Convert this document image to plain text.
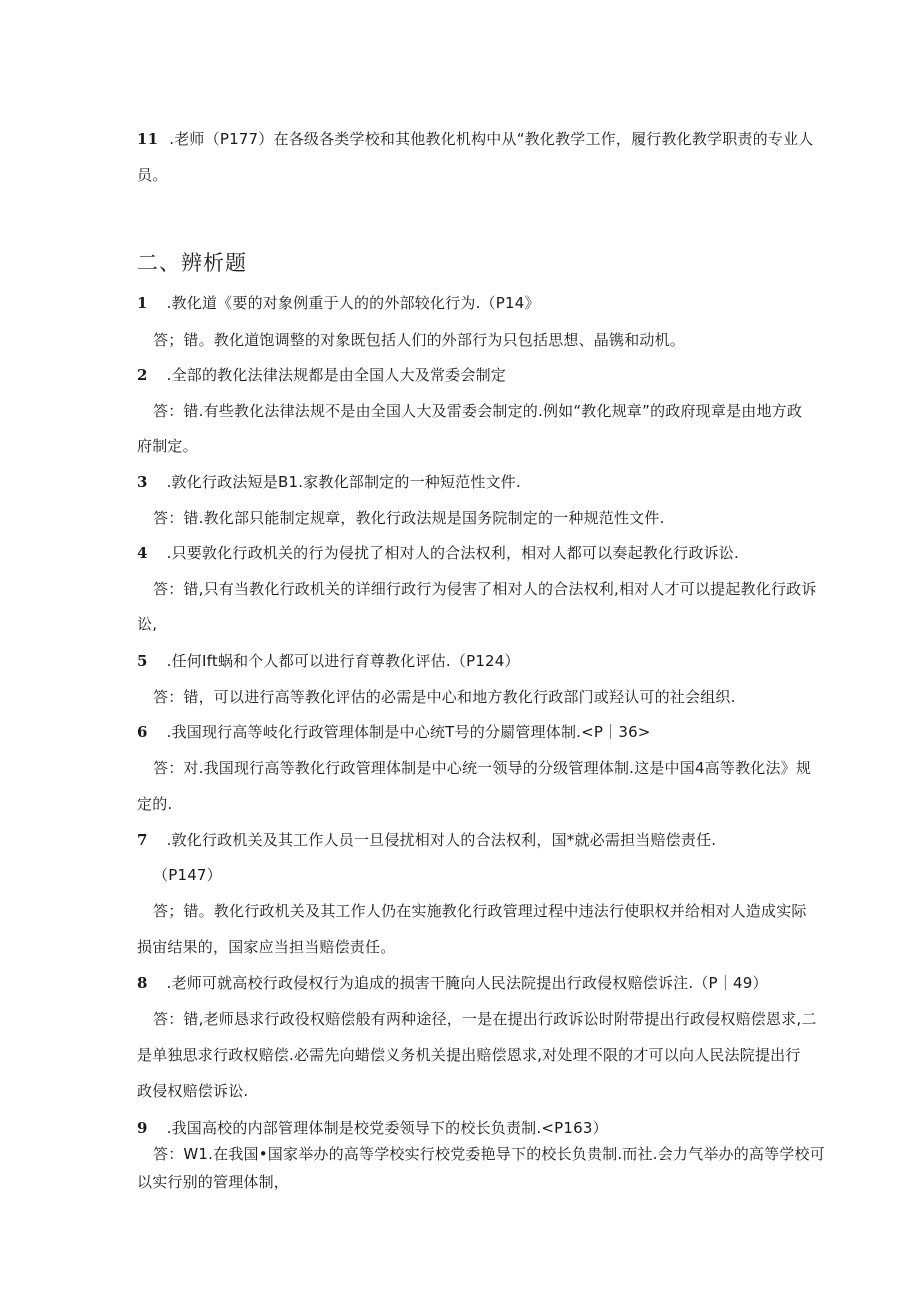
11 .老师（P177）在各级各类学校和其他教化机构中从“教化教学工作，履行教化教学职责的专业人
员。
二、辨析题
1 .教化道《要的对象例重于人的的外部较化行为.（P14》
答；错。教化道饱调整的对象既包括人们的外部行为只包括思想、晶镌和动机。
2 .全部的教化法律法规都是由全国人大及常委会制定
答：错.有些教化法律法规不是由全国人大及雷委会制定的.例如“教化规章”的政府现章是由地方政
府制定。
3 .敦化行政法短是B1.家教化部制定的一种短范性文件.
答：错.教化部只能制定规章，教化行政法规是国务院制定的一种规范性文件.
4 .只要敦化行政机关的行为侵扰了相对人的合法权利，相对人都可以奏起教化行政诉讼.
答：错,只有当教化行政机关的详细行政行为侵害了相对人的合法权利,相对人才可以提起教化行政诉
讼,
5 .任何Ift蜗和个人都可以进行育尊教化评估.（P124）
答：错，可以进行高等教化评估的必需是中心和地方教化行政部门或羟认可的社会组织.
6 .我国现行高等岐化行政管理体制是中心统T号的分罽管理体制.<P｜36>
答：对.我国现行高等教化行政管理体制是中心统一领导的分级管理体制.这是中国4高等教化法》规
定的.
7 .敦化行政机关及其工作人员一旦侵扰相对人的合法权利，国*就必需担当赔偿责任.
（P147）
答；错。教化行政机关及其工作人仍在实施教化行政管理过程中违法行使职权并给相对人造成实际
损宙结果的，国家应当担当赔偿责任。
8 .老师可就高校行政侵权行为追成的损害干腌向人民法院提出行政侵权赔偿诉注.（P｜49）
答：错,老师恳求行政役权赔偿般有两种途径，一是在提出行政诉讼时附带提出行政侵权赔偿恩求,二
是单独思求行政权赔偿.必需先向蜡偿义务机关提出赔偿恩求,对处理不限的才可以向人民法院提出行
政侵权赔偿诉讼.
9 .我国高校的内部管理体制是校党委领导下的校长负责制.<P163）
答：W1.在我国•国家举办的高等学校实行校党委艳导下的校长负贵制.而社.会力气举办的高等学校可
以实行别的管理体制，
